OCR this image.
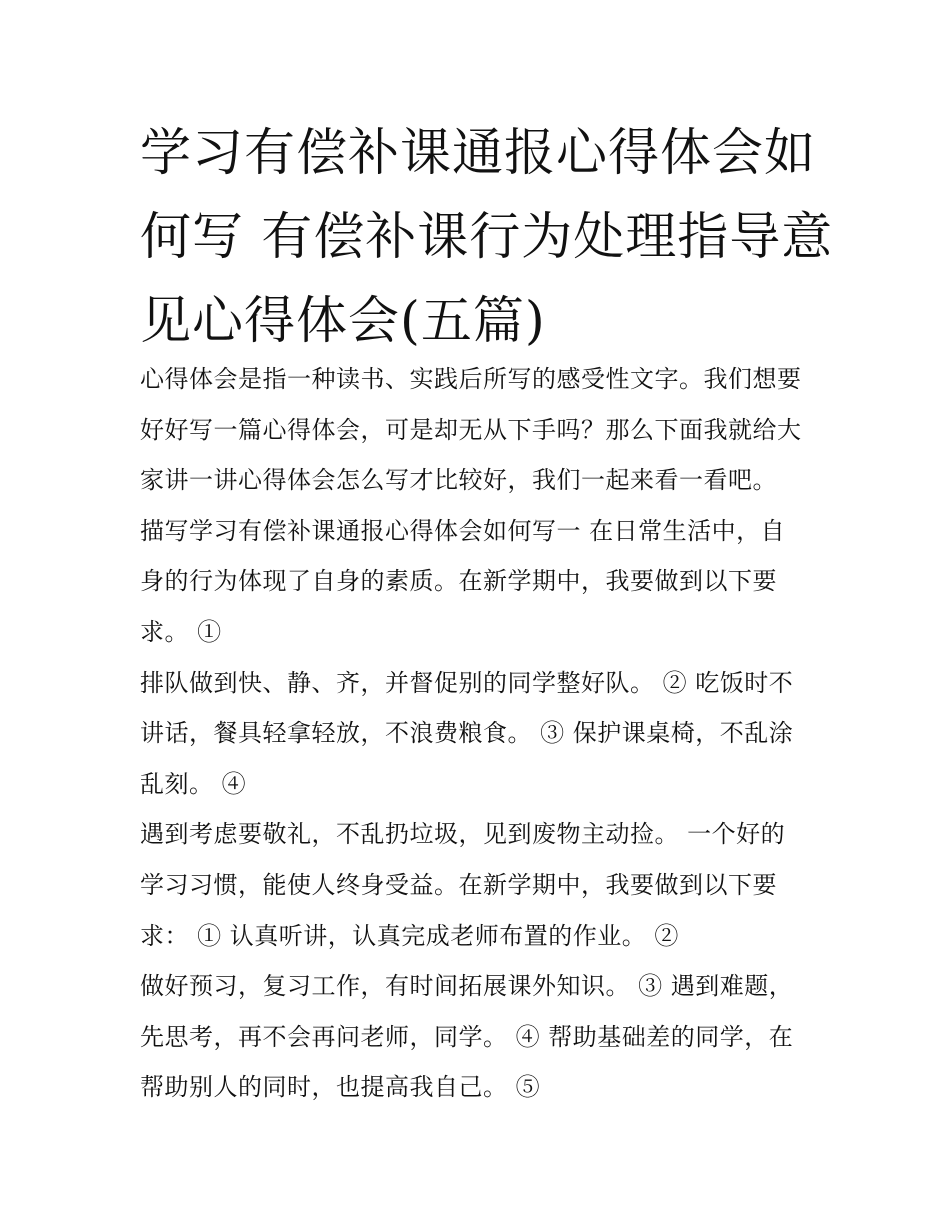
学习有偿补课通报心得体会如
何写 有偿补课行为处理指导意
见心得体会(五篇)
心得体会是指一种读书、实践后所写的感受性文字。我们想要
好好写一篇心得体会，可是却无从下手吗？那么下面我就给大
家讲一讲心得体会怎么写才比较好，我们一起来看一看吧。
描写学习有偿补课通报心得体会如何写一 在日常生活中，自
身的行为体现了自身的素质。在新学期中，我要做到以下要
求。 ①
排队做到快、静、齐，并督促别的同学整好队。 ② 吃饭时不
讲话，餐具轻拿轻放，不浪费粮食。 ③ 保护课桌椅，不乱涂
乱刻。 ④
遇到考虑要敬礼，不乱扔垃圾，见到废物主动捡。 一个好的
学习习惯，能使人终身受益。在新学期中，我要做到以下要
求： ① 认真听讲，认真完成老师布置的作业。 ②
做好预习，复习工作，有时间拓展课外知识。 ③ 遇到难题，
先思考，再不会再问老师，同学。 ④ 帮助基础差的同学，在
帮助别人的同时，也提高我自己。 ⑤
